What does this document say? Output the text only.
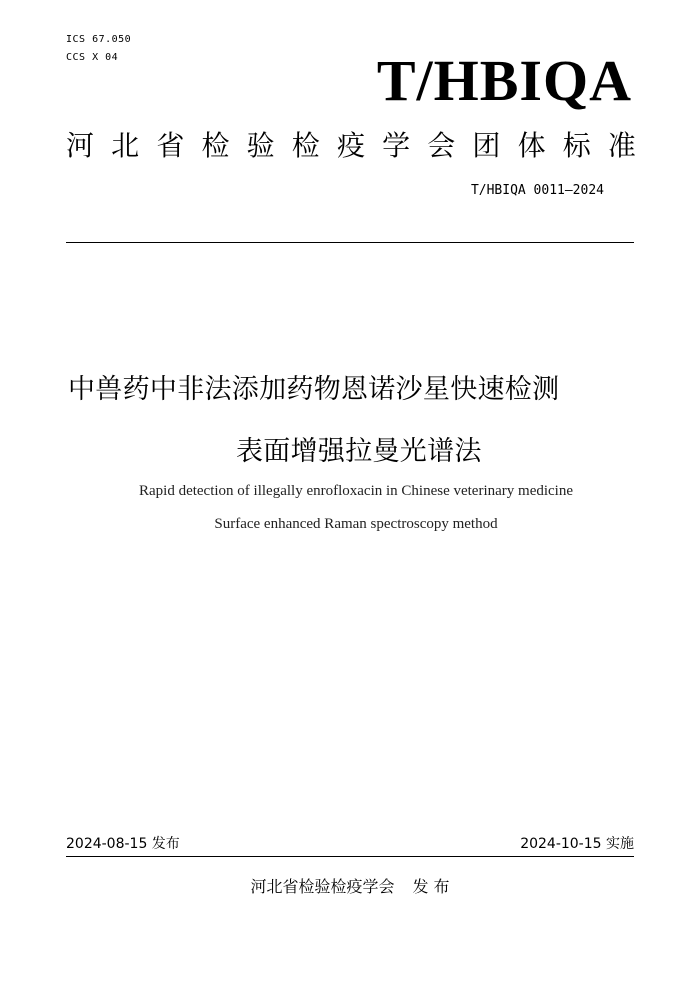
ICS 67.050
CCS X 04	T/HBIQA
河 北 省 检 验 检 疫 学 会 团 体 标 准
T/HBIQA 0011—2024
中兽药中非法添加药物恩诺沙星快速检测
表面增强拉曼光谱法
Rapid detection of illegally enrofloxacin in Chinese veterinary medicine
Surface enhanced Raman spectroscopy method
2024-08-15 发布	2024-10-15 实施
河北省检验检疫学会 发 布
